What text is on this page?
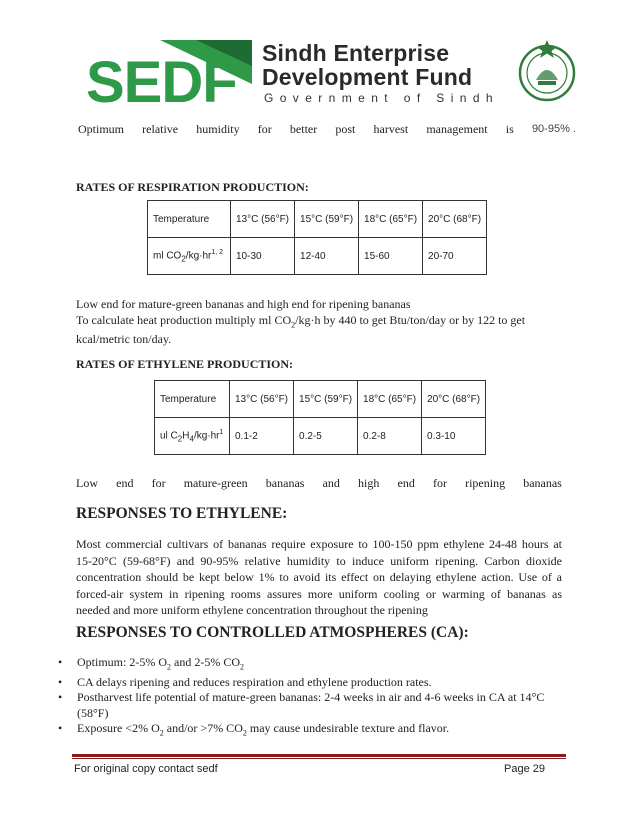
SEDF Sindh Enterprise
Development Fund
Government of Sindh
Optimum relative humidity for better post harvest management is 90-95% .
RATES OF RESPIRATION PRODUCTION:
Temperature	13°C (56°F)	15°C (59°F)	18°C (65°F)	20°C (68°F)
ml $CO_2/kg\cdot hr^{1, 2}$	10-30	12-40	15-60	20-70
Low end for mature-green bananas and high end for ripening bananas
To calculate heat production multiply ml $CO_2/kg\cdot h$ by 440 to get Btu/ton/day or by 122 to get
kcal/metric ton/day.
RATES OF ETHYLENE PRODUCTION:
Temperature	13°C (56°F)	15°C (59°F)	18°C (65°F)	20°C (68°F)
ul $C_2H_4/kg\cdot hr^1$	0.1-2	0.2-5	0.2-8	0.3-10
Low end for mature-green bananas and high end for ripening bananas
RESPONSES TO ETHYLENE:
Most commercial cultivars of bananas require exposure to 100-150 ppm ethylene 24-48 hours at
15-20°C (59-68°F) and 90-95% relative humidity to induce uniform ripening. Carbon dioxide
concentration should be kept below 1% to avoid its effect on delaying ethylene action. Use of a
forced-air system in ripening rooms assures more uniform cooling or warming of bananas as
needed and more uniform ethylene concentration throughout the ripening
RESPONSES TO CONTROLLED ATMOSPHERES (CA):
• Optimum: 2-5% $O_2$ and 2-5% $CO_2$
• CA delays ripening and reduces respiration and ethylene production rates.
• Postharvest life potential of mature-green bananas: 2-4 weeks in air and 4-6 weeks in CA at 14°C
(58°F)
• Exposure <2% $O_2$ and/or >7% $CO_2$ may cause undesirable texture and flavor.
For original copy contact sedf	Page 29
